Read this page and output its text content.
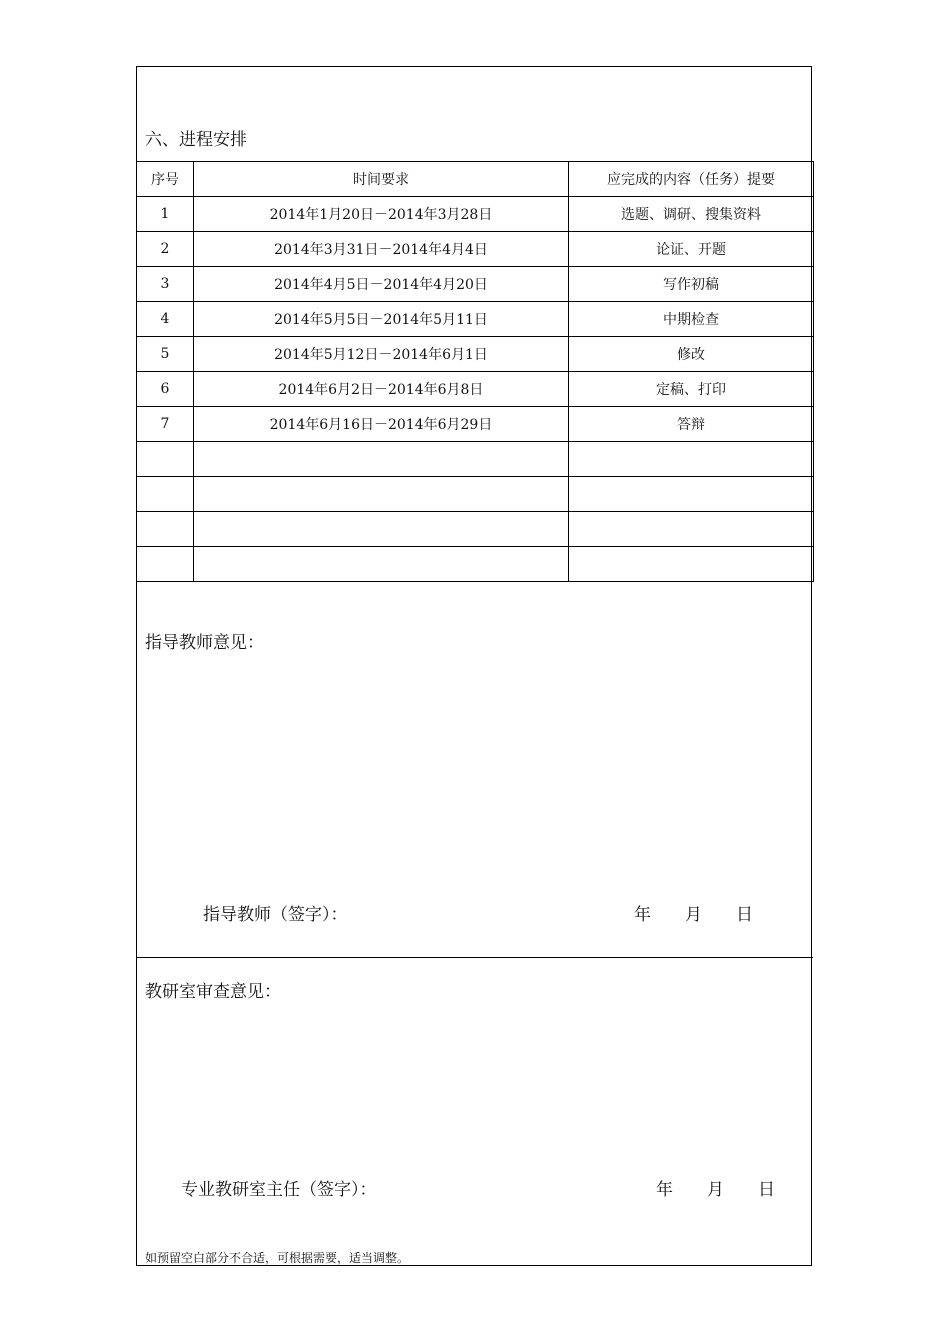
六、进程安排
序号	时间要求	应完成的内容（任务）提要
1	2014年1月20日－2014年3月28日	选题、调研、搜集资料
2	2014年3月31日－2014年4月4日	论证、开题
3	2014年4月5日－2014年4月20日	写作初稿
4	2014年5月5日－2014年5月11日	中期检查
5	2014年5月12日－2014年6月1日	修改
6	2014年6月2日－2014年6月8日	定稿、打印
7	2014年6月16日－2014年6月29日	答辩

指导教师意见：
指导教师（签字）：	年 月 日
教研室审查意见：
专业教研室主任（签字）：	年 月 日
如预留空白部分不合适，可根据需要，适当调整。
